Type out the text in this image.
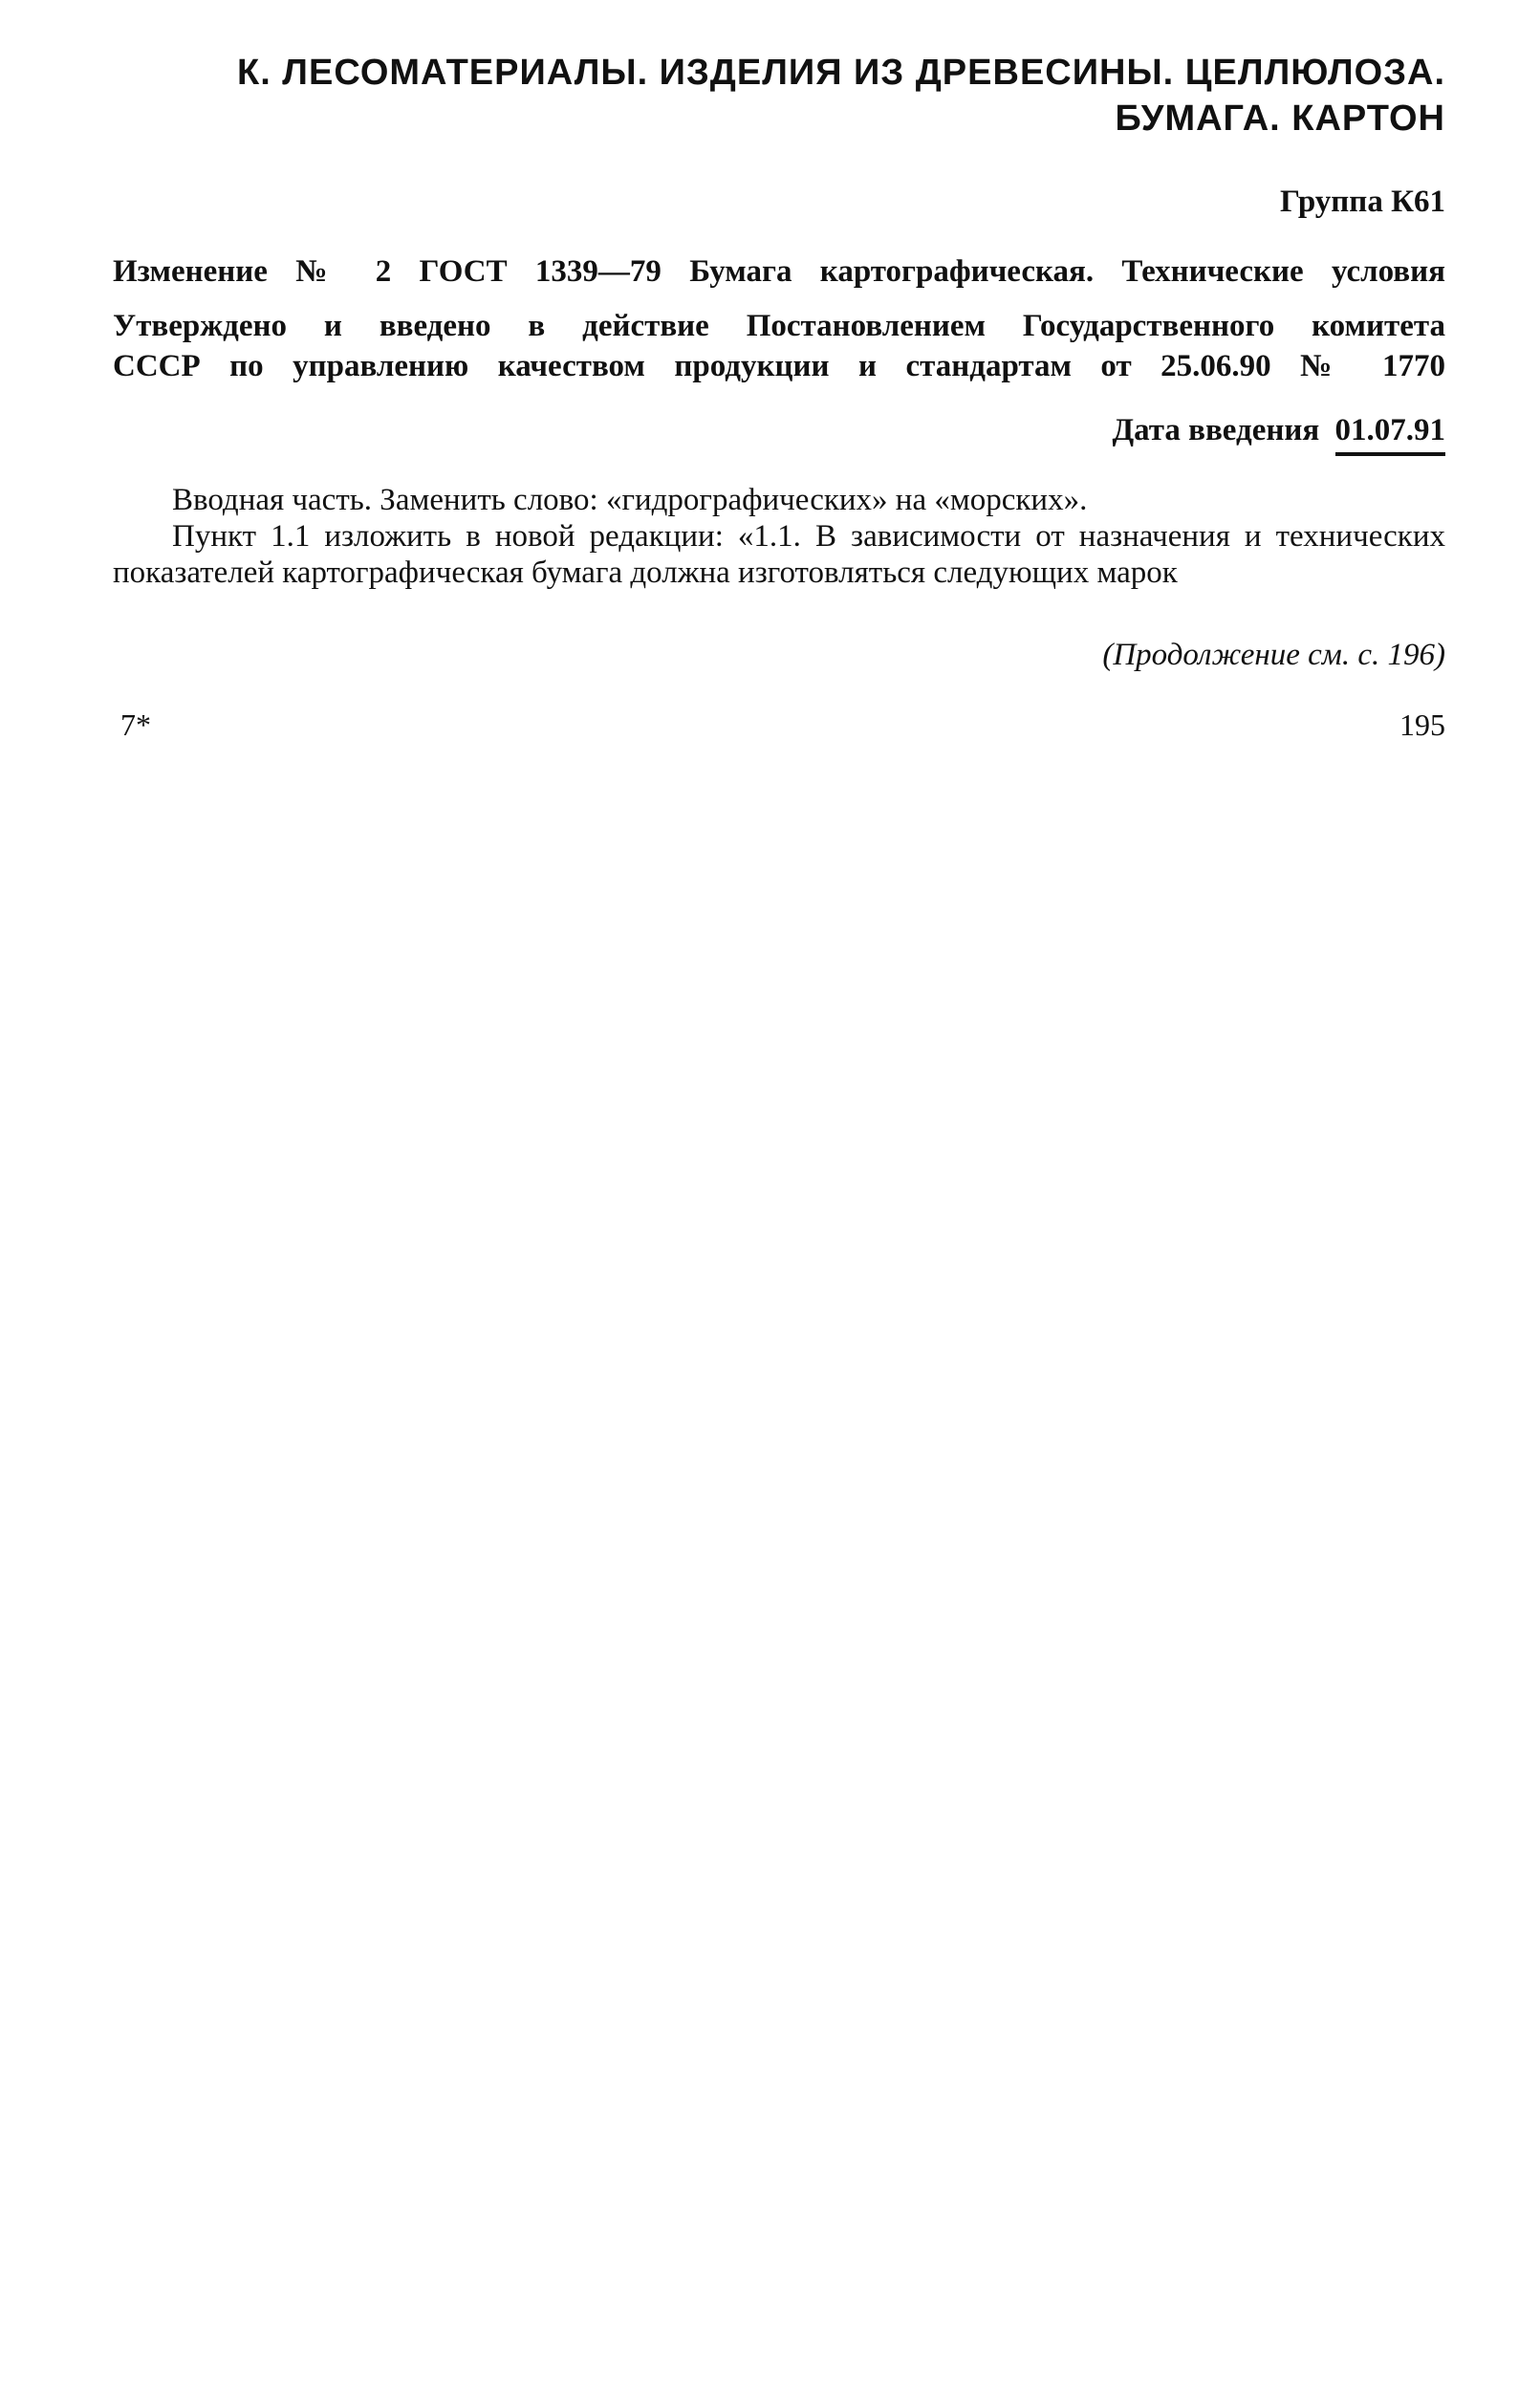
К. ЛЕСОМАТЕРИАЛЫ. ИЗДЕЛИЯ ИЗ ДРЕВЕСИНЫ. ЦЕЛЛЮЛОЗА.
БУМАГА. КАРТОН
Группа К61
Изменение № 2 ГОСТ 1339—79 Бумага картографическая. Технические условия
Утверждено и введено в действие Постановлением Государственного комитета
СССР по управлению качеством продукции и стандартам от 25.06.90 № 1770
Дата введения 01.07.91

Вводная часть. Заменить слово: «гидрографических» на «морских».

Пункт 1.1 изложить в новой редакции: «1.1. В зависимости от назначения и технических показателей картографическая бумага должна изготовляться следующих марок

(Продолжение см. с. 196)
7*	195
